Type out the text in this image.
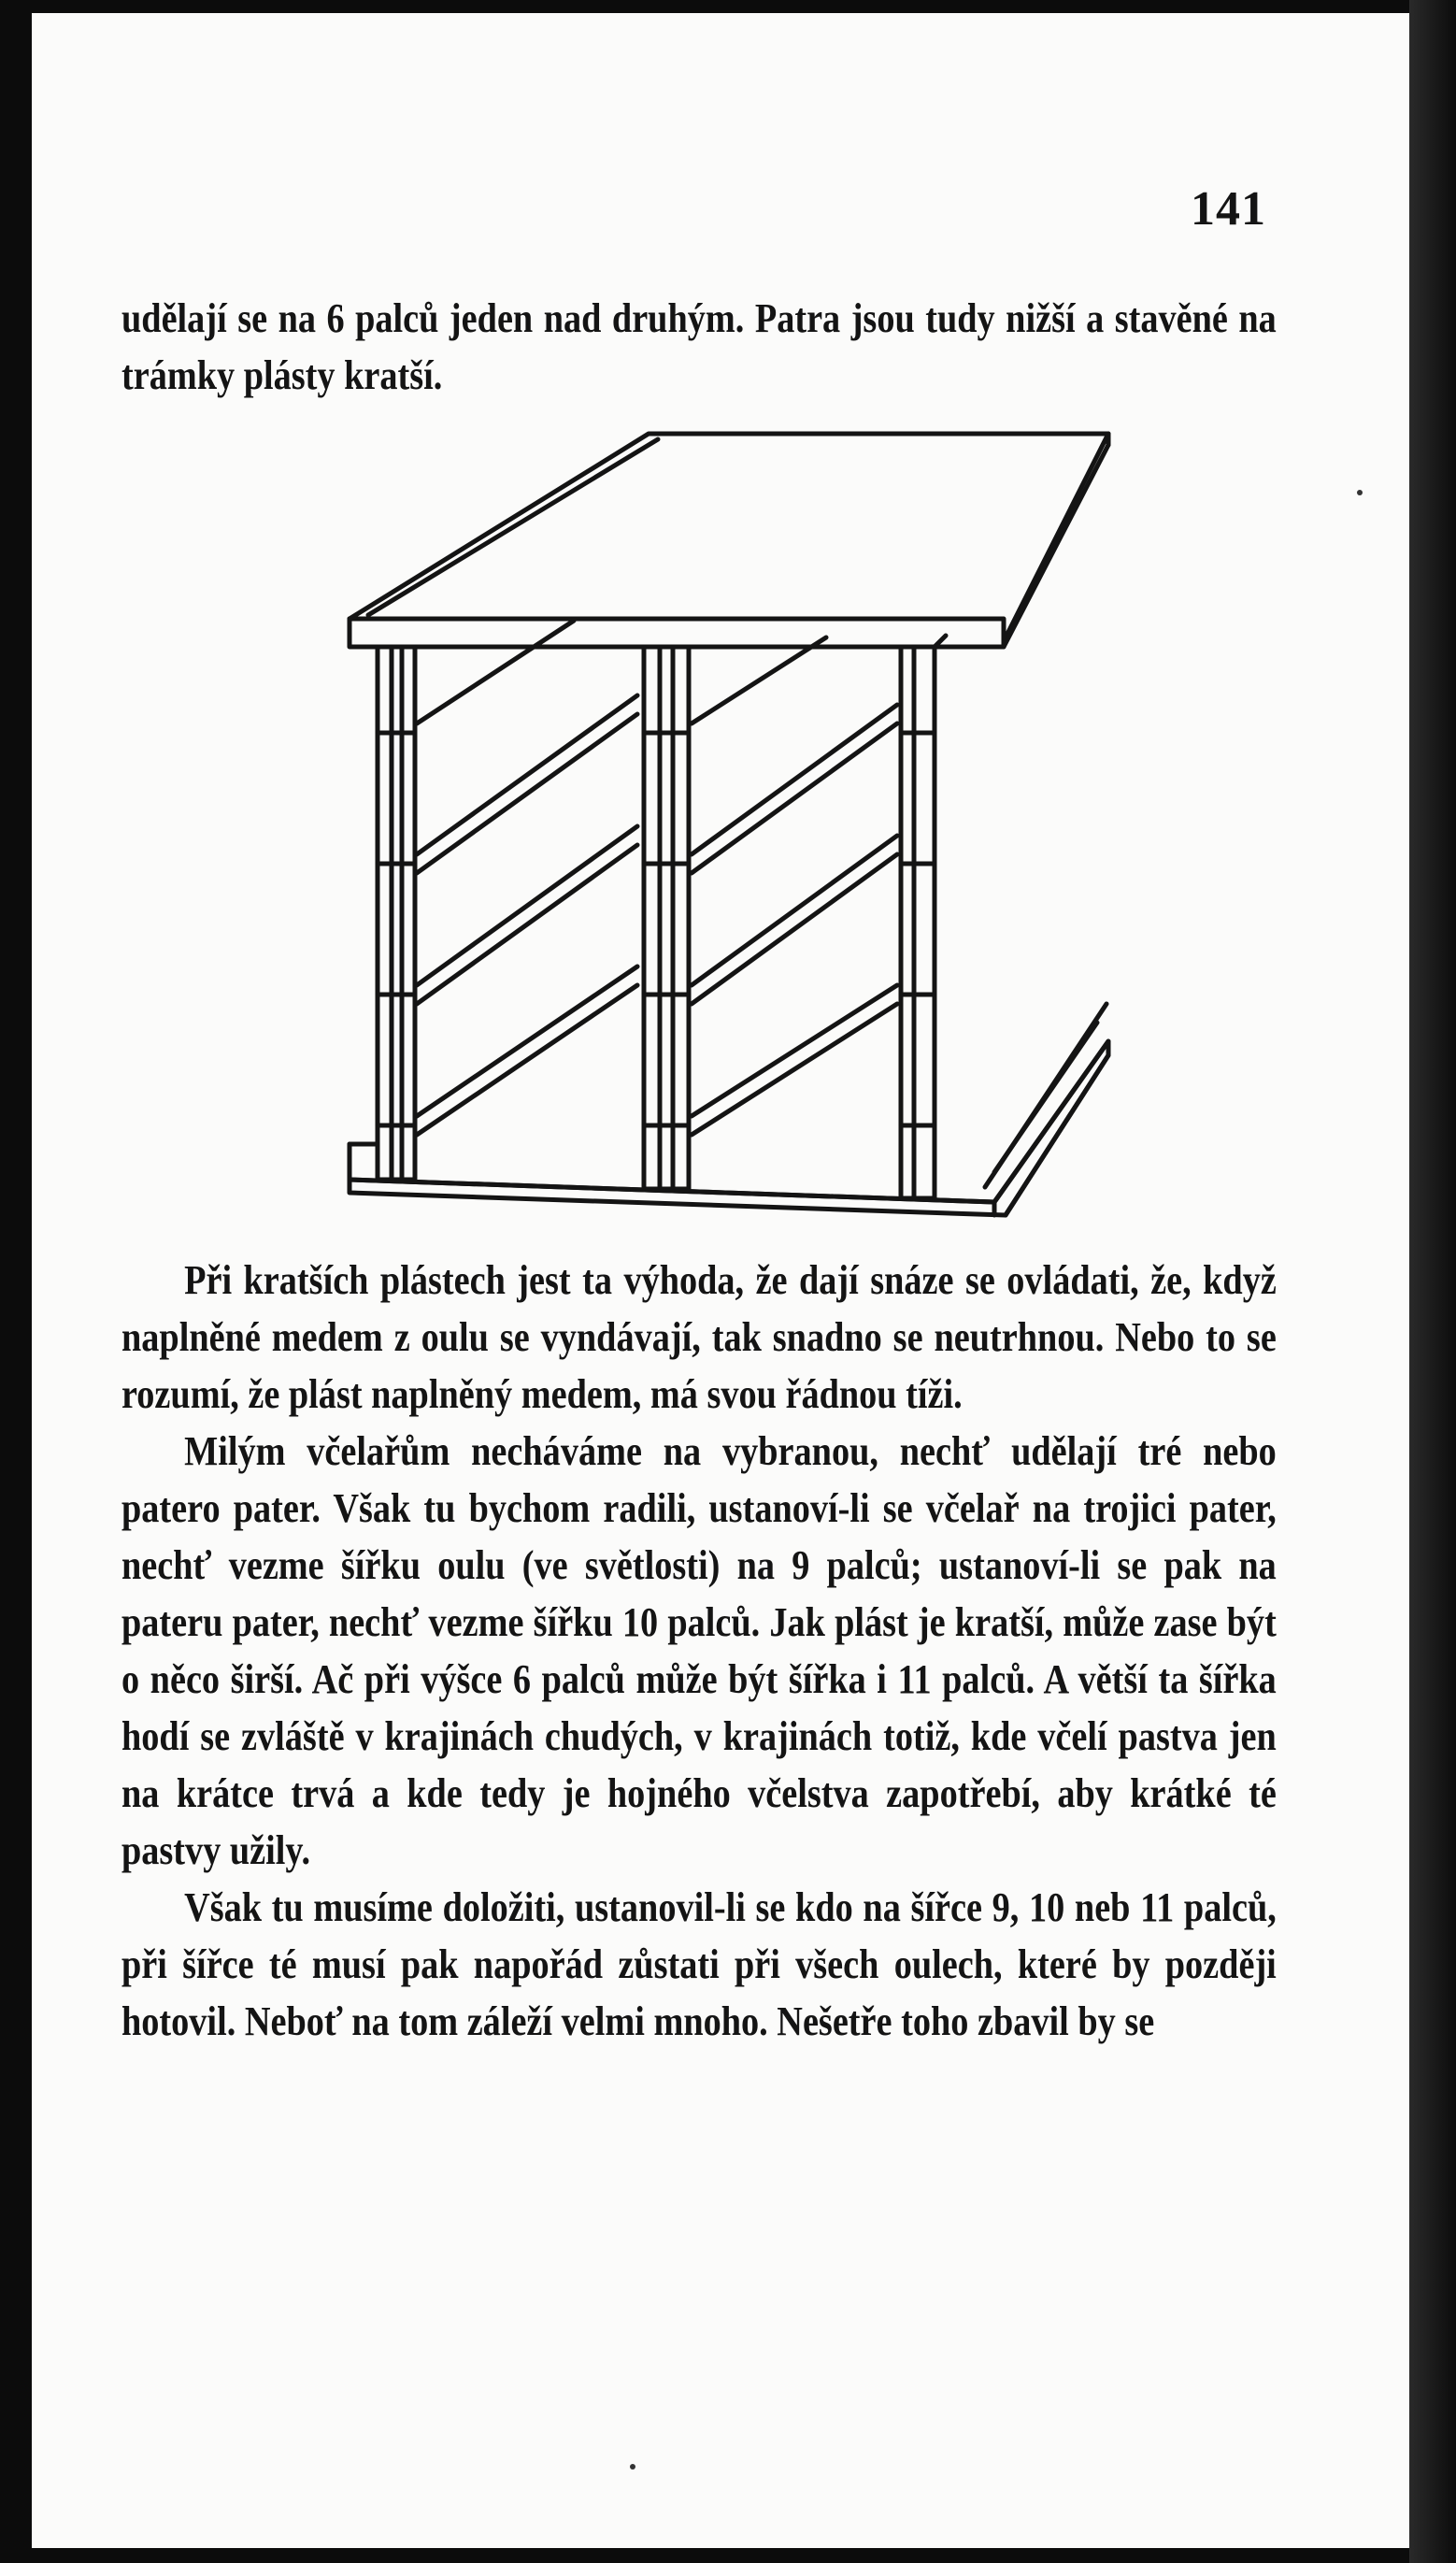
141

udělají se na 6 palců jeden nad druhým. Patra jsou tudy nižší a stavěné na trámky plásty kratší.

Při kratších plástech jest ta výhoda, že dají snáze se ovládati, že, když naplněné medem z oulu se vyndávají, tak snadno se neutrhnou. Nebo to se rozumí, že plást naplněný medem, má svou řádnou tíži.

Milým včelařům necháváme na vybranou, nechť udělají tré nebo patero pater. Však tu bychom radili, ustanoví-li se včelař na trojici pater, nechť vezme šířku oulu (ve světlosti) na 9 palců; ustanoví-li se pak na pateru pater, nechť vezme šířku 10 palců. Jak plást je kratší, může zase být o něco širší. Ač při výšce 6 palců může být šířka i 11 palců. A větší ta šířka hodí se zvláště v krajinách chudých, v krajinách totiž, kde včelí pastva jen na krátce trvá a kde tedy je hojného včelstva zapotřebí, aby krátké té pastvy užily.

Však tu musíme doložiti, ustanovil-li se kdo na šířce 9, 10 neb 11 palců, při šířce té musí pak napořád zůstati při všech oulech, které by později hotovil. Neboť na tom záleží velmi mnoho. Nešetře toho zbavil by se
